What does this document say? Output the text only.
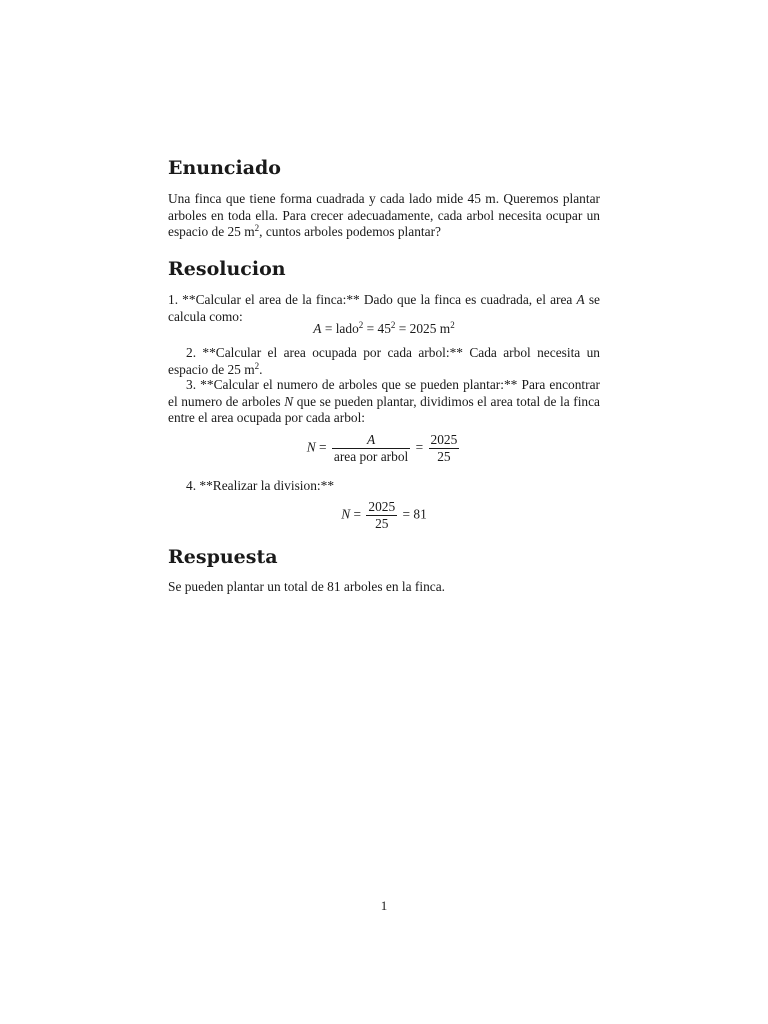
Enunciado

Una finca que tiene forma cuadrada y cada lado mide 45 m. Queremos plantar arboles en toda ella. Para crecer adecuadamente, cada arbol necesita ocupar un espacio de 25 $m^2$, cuntos arboles podemos plantar?

Resolucion

1. **Calcular el area de la finca:** Dado que la finca es cuadrada, el area A se calcula como:

A = lado$^2$ = $45^2 = 2025$ $m^2$

2. **Calcular el area ocupada por cada arbol:** Cada arbol necesita un espacio de 25 $m^2$.

3. **Calcular el numero de arboles que se pueden plantar:** Para encontrar el numero de arboles N que se pueden plantar, dividimos el area total de la finca entre el area ocupada por cada arbol:

$N = \frac{A}{\text{area por arbol}} = \frac{2025}{25}$

4. **Realizar la division:**

$N = \frac{2025}{25} = 81$
Respuesta

Se pueden plantar un total de 81 arboles en la finca.

1
